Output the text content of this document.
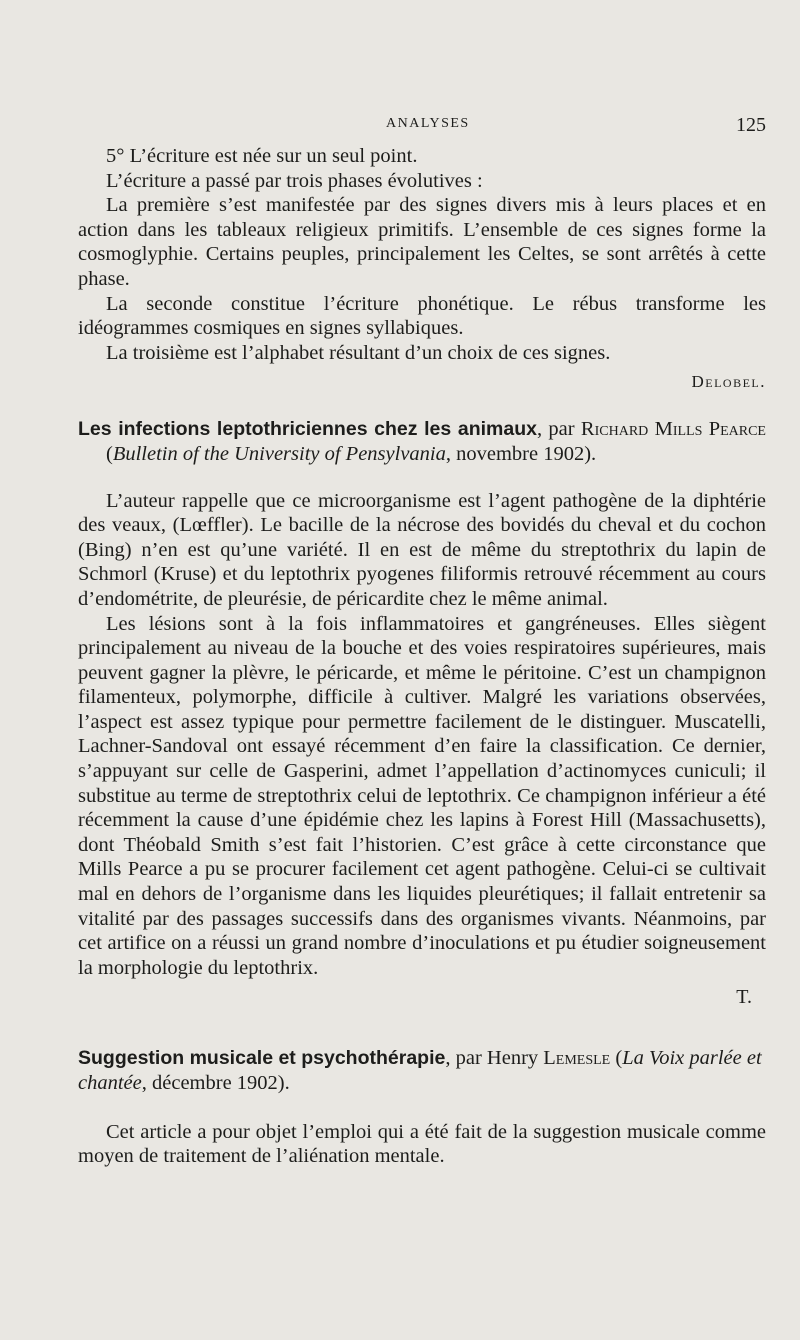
ANALYSES	125

5° L’écriture est née sur un seul point.

L’écriture a passé par trois phases évolutives :

La première s’est manifestée par des signes divers mis à leurs places et en action dans les tableaux religieux primitifs. L’ensemble de ces signes forme la cosmoglyphie. Certains peuples, principalement les Celtes, se sont arrêtés à cette phase.

La seconde constitue l’écriture phonétique. Le rébus transforme les idéogrammes cosmiques en signes syllabiques.

La troisième est l’alphabet résultant d’un choix de ces signes.

Delobel.
Les infections leptothriciennes chez les animaux, par Richard Mills Pearce (Bulletin of the University of Pensylvania, novembre 1902).

L’auteur rappelle que ce microorganisme est l’agent pathogène de la diphtérie des veaux, (Lœffler). Le bacille de la nécrose des bovidés du cheval et du cochon (Bing) n’en est qu’une variété. Il en est de même du streptothrix du lapin de Schmorl (Kruse) et du leptothrix pyogenes filiformis retrouvé récemment au cours d’endométrite, de pleurésie, de péricardite chez le même animal.

Les lésions sont à la fois inflammatoires et gangréneuses. Elles siègent principalement au niveau de la bouche et des voies respiratoires supérieures, mais peuvent gagner la plèvre, le péricarde, et même le péritoine. C’est un champignon filamenteux, polymorphe, difficile à cultiver. Malgré les variations observées, l’aspect est assez typique pour permettre facilement de le distinguer. Muscatelli, Lachner-Sandoval ont essayé récemment d’en faire la classification. Ce dernier, s’appuyant sur celle de Gasperini, admet l’appellation d’actinomyces cuniculi; il substitue au terme de streptothrix celui de leptothrix. Ce champignon inférieur a été récemment la cause d’une épidémie chez les lapins à Forest Hill (Massachusetts), dont Théobald Smith s’est fait l’historien. C’est grâce à cette circonstance que Mills Pearce a pu se procurer facilement cet agent pathogène. Celui-ci se cultivait mal en dehors de l’organisme dans les liquides pleurétiques; il fallait entretenir sa vitalité par des passages successifs dans des organismes vivants. Néanmoins, par cet artifice on a réussi un grand nombre d’inoculations et pu étudier soigneusement la morphologie du leptothrix.

T.
Suggestion musicale et psychothérapie, par Henry Lemesle (La Voix parlée et chantée, décembre 1902).

Cet article a pour objet l’emploi qui a été fait de la suggestion musicale comme moyen de traitement de l’aliénation mentale.
